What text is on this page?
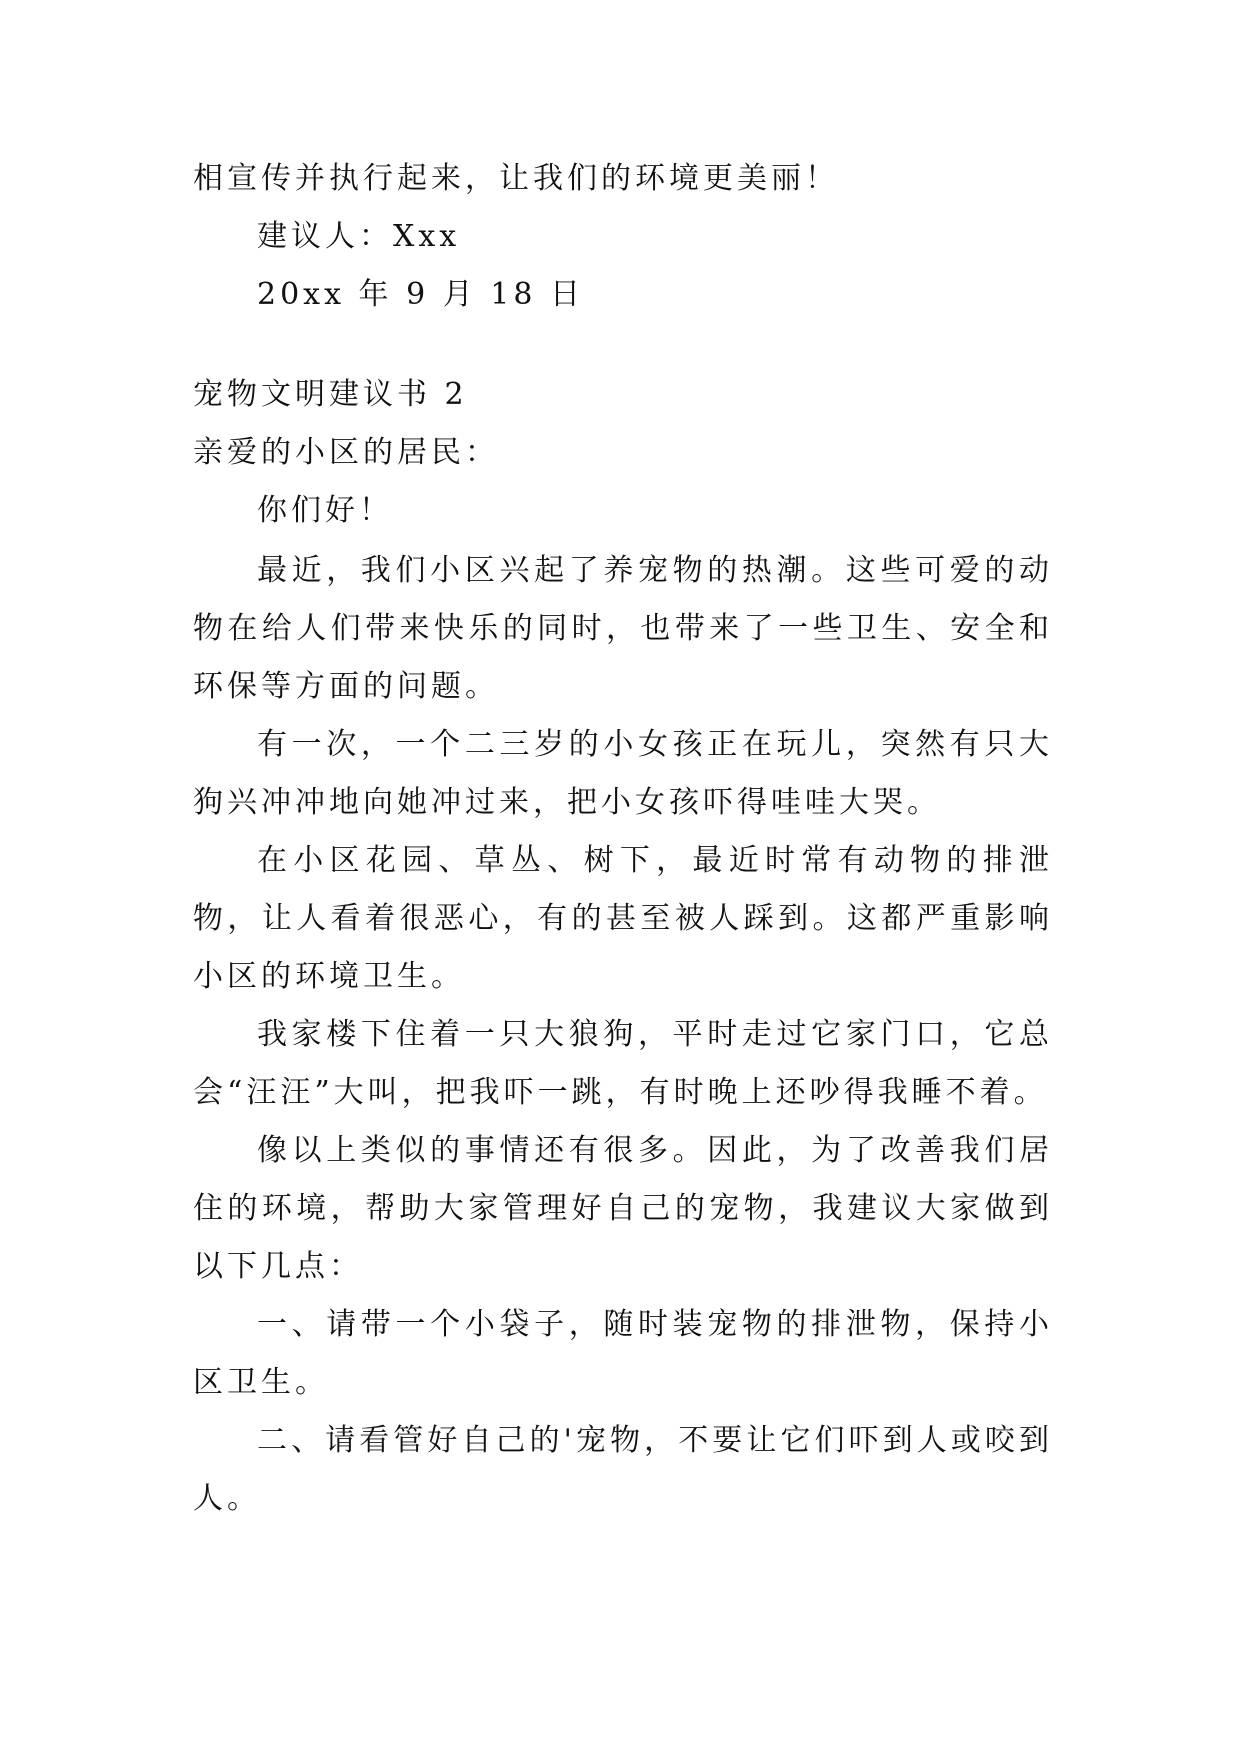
相宣传并执行起来，让我们的环境更美丽！

建议人：Xxx

20xx 年 9 月 18 日

宠物文明建议书 2

亲爱的小区的居民：

你们好！

最近，我们小区兴起了养宠物的热潮。这些可爱的动物在给人们带来快乐的同时，也带来了一些卫生、安全和环保等方面的问题。

有一次，一个二三岁的小女孩正在玩儿，突然有只大狗兴冲冲地向她冲过来，把小女孩吓得哇哇大哭。

在小区花园、草丛、树下，最近时常有动物的排泄物，让人看着很恶心，有的甚至被人踩到。这都严重影响小区的环境卫生。

我家楼下住着一只大狼狗，平时走过它家门口，它总会“汪汪”大叫，把我吓一跳，有时晚上还吵得我睡不着。

像以上类似的事情还有很多。因此，为了改善我们居住的环境，帮助大家管理好自己的宠物，我建议大家做到以下几点：

一、请带一个小袋子，随时装宠物的排泄物，保持小区卫生。

二、请看管好自己的'宠物，不要让它们吓到人或咬到人。
